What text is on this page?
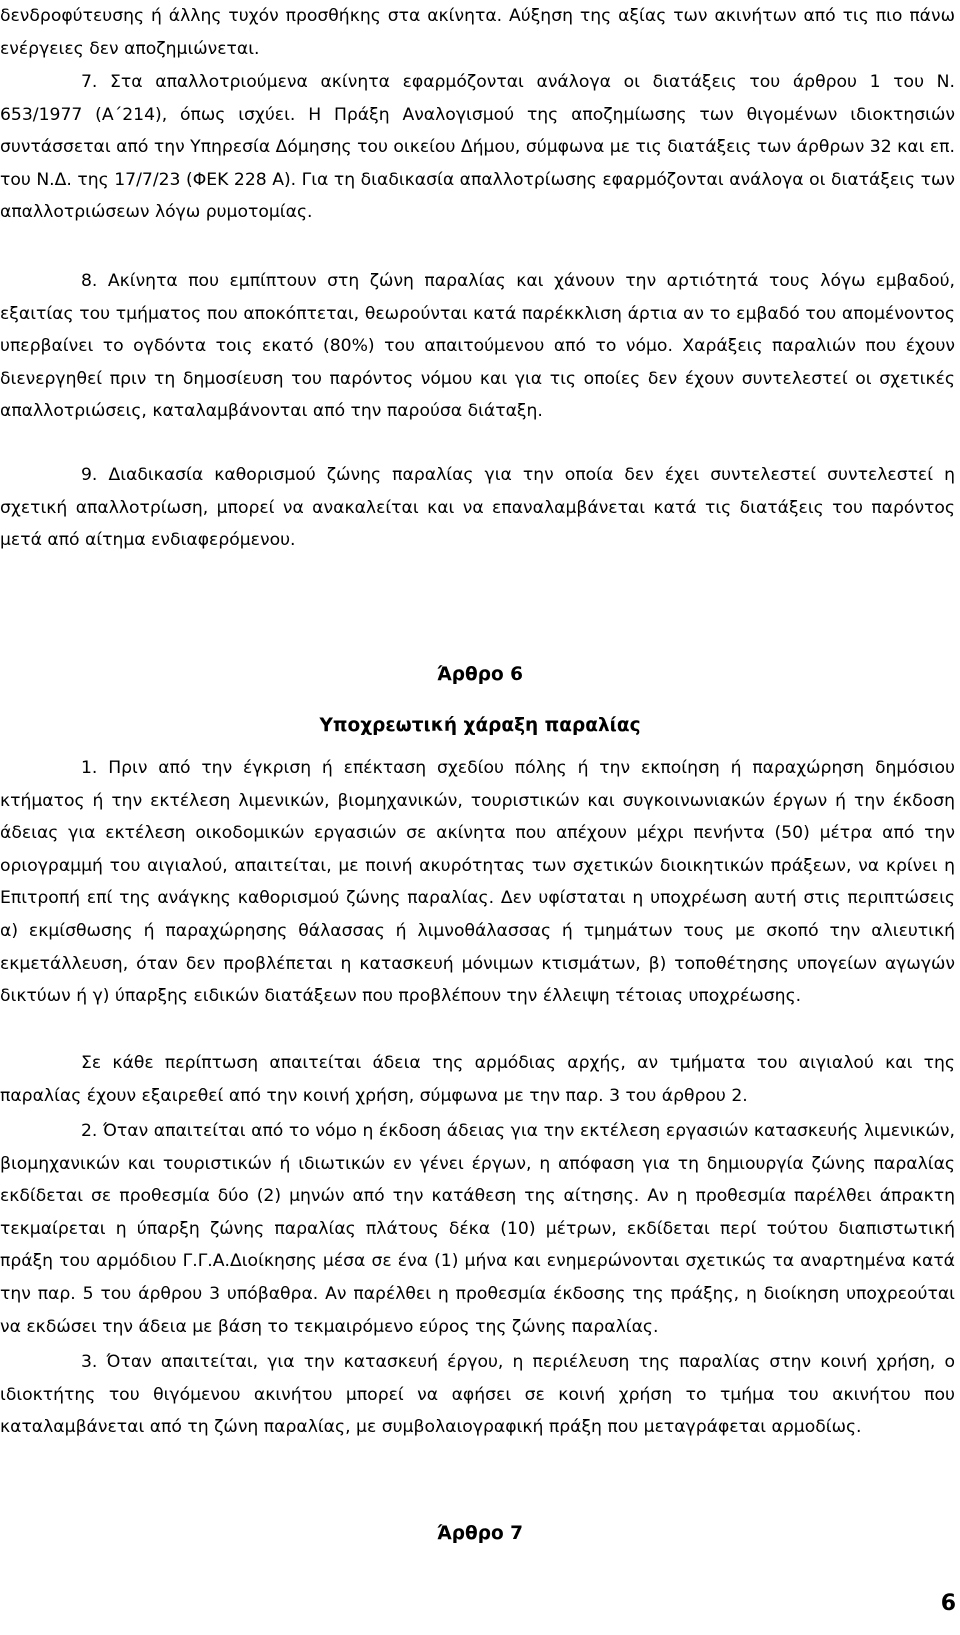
δενδροφύτευσης ή άλλης τυχόν προσθήκης στα ακίνητα. Αύξηση της αξίας των ακινήτων από τις πιο πάνω ενέργειες δεν αποζημιώνεται.

7. Στα απαλλοτριούμενα ακίνητα εφαρμόζονται ανάλογα οι διατάξεις του άρθρου 1 του Ν. 653/1977 (Α΄214), όπως ισχύει. Η Πράξη Αναλογισμού της αποζημίωσης των θιγομένων ιδιοκτησιών συντάσσεται από την Υπηρεσία Δόμησης του οικείου Δήμου, σύμφωνα με τις διατάξεις των άρθρων 32 και επ. του Ν.Δ. της 17/7/23 (ΦΕΚ 228 Α). Για τη διαδικασία απαλλοτρίωσης εφαρμόζονται ανάλογα οι διατάξεις των απαλλοτριώσεων λόγω ρυμοτομίας.

8. Ακίνητα που εμπίπτουν στη ζώνη παραλίας και χάνουν την αρτιότητά τους λόγω εμβαδού, εξαιτίας του τμήματος που αποκόπτεται, θεωρούνται κατά παρέκκλιση άρτια αν το εμβαδό του απομένοντος υπερβαίνει το ογδόντα τοις εκατό (80%) του απαιτούμενου από το νόμο. Χαράξεις παραλιών που έχουν διενεργηθεί πριν τη δημοσίευση του παρόντος νόμου και για τις οποίες δεν έχουν συντελεστεί οι σχετικές απαλλοτριώσεις, καταλαμβάνονται από την παρούσα διάταξη.

9. Διαδικασία καθορισμού ζώνης παραλίας για την οποία δεν έχει συντελεστεί συντελεστεί η σχετική απαλλοτρίωση, μπορεί να ανακαλείται και να επαναλαμβάνεται κατά τις διατάξεις του παρόντος μετά από αίτημα ενδιαφερόμενου.

Άρθρο 6
Υποχρεωτική χάραξη παραλίας

1. Πριν από την έγκριση ή επέκταση σχεδίου πόλης ή την εκποίηση ή παραχώρηση δημόσιου κτήματος ή την εκτέλεση λιμενικών, βιομηχανικών, τουριστικών και συγκοινωνιακών έργων ή την έκδοση άδειας για εκτέλεση οικοδομικών εργασιών σε ακίνητα που απέχουν μέχρι πενήντα (50) μέτρα από την οριογραμμή του αιγιαλού, απαιτείται, με ποινή ακυρότητας των σχετικών διοικητικών πράξεων, να κρίνει η Επιτροπή επί της ανάγκης καθορισμού ζώνης παραλίας. Δεν υφίσταται η υποχρέωση αυτή στις περιπτώσεις α) εκμίσθωσης ή παραχώρησης θάλασσας ή λιμνοθάλασσας ή τμημάτων τους με σκοπό την αλιευτική εκμετάλλευση, όταν δεν προβλέπεται η κατασκευή μόνιμων κτισμάτων, β) τοποθέτησης υπογείων αγωγών δικτύων ή γ) ύπαρξης ειδικών διατάξεων που προβλέπουν την έλλειψη τέτοιας υποχρέωσης.

Σε κάθε περίπτωση απαιτείται άδεια της αρμόδιας αρχής, αν τμήματα του αιγιαλού και της παραλίας έχουν εξαιρεθεί από την κοινή χρήση, σύμφωνα με την παρ. 3 του άρθρου 2.

2. Όταν απαιτείται από το νόμο η έκδοση άδειας για την εκτέλεση εργασιών κατασκευής λιμενικών, βιομηχανικών και τουριστικών ή ιδιωτικών εν γένει έργων, η απόφαση για τη δημιουργία ζώνης παραλίας εκδίδεται σε προθεσμία δύο (2) μηνών από την κατάθεση της αίτησης. Αν η προθεσμία παρέλθει άπρακτη τεκμαίρεται η ύπαρξη ζώνης παραλίας πλάτους δέκα (10) μέτρων, εκδίδεται περί τούτου διαπιστωτική πράξη του αρμόδιου Γ.Γ.Α.Διοίκησης μέσα σε ένα (1) μήνα και ενημερώνονται σχετικώς τα αναρτημένα κατά την παρ. 5 του άρθρου 3 υπόβαθρα. Αν παρέλθει η προθεσμία έκδοσης της πράξης, η διοίκηση υποχρεούται να εκδώσει την άδεια με βάση το τεκμαιρόμενο εύρος της ζώνης παραλίας.

3. Όταν απαιτείται, για την κατασκευή έργου, η περιέλευση της παραλίας στην κοινή χρήση, ο ιδιοκτήτης του θιγόμενου ακινήτου μπορεί να αφήσει σε κοινή χρήση το τμήμα του ακινήτου που καταλαμβάνεται από τη ζώνη παραλίας, με συμβολαιογραφική πράξη που μεταγράφεται αρμοδίως.

Άρθρο 7
6
